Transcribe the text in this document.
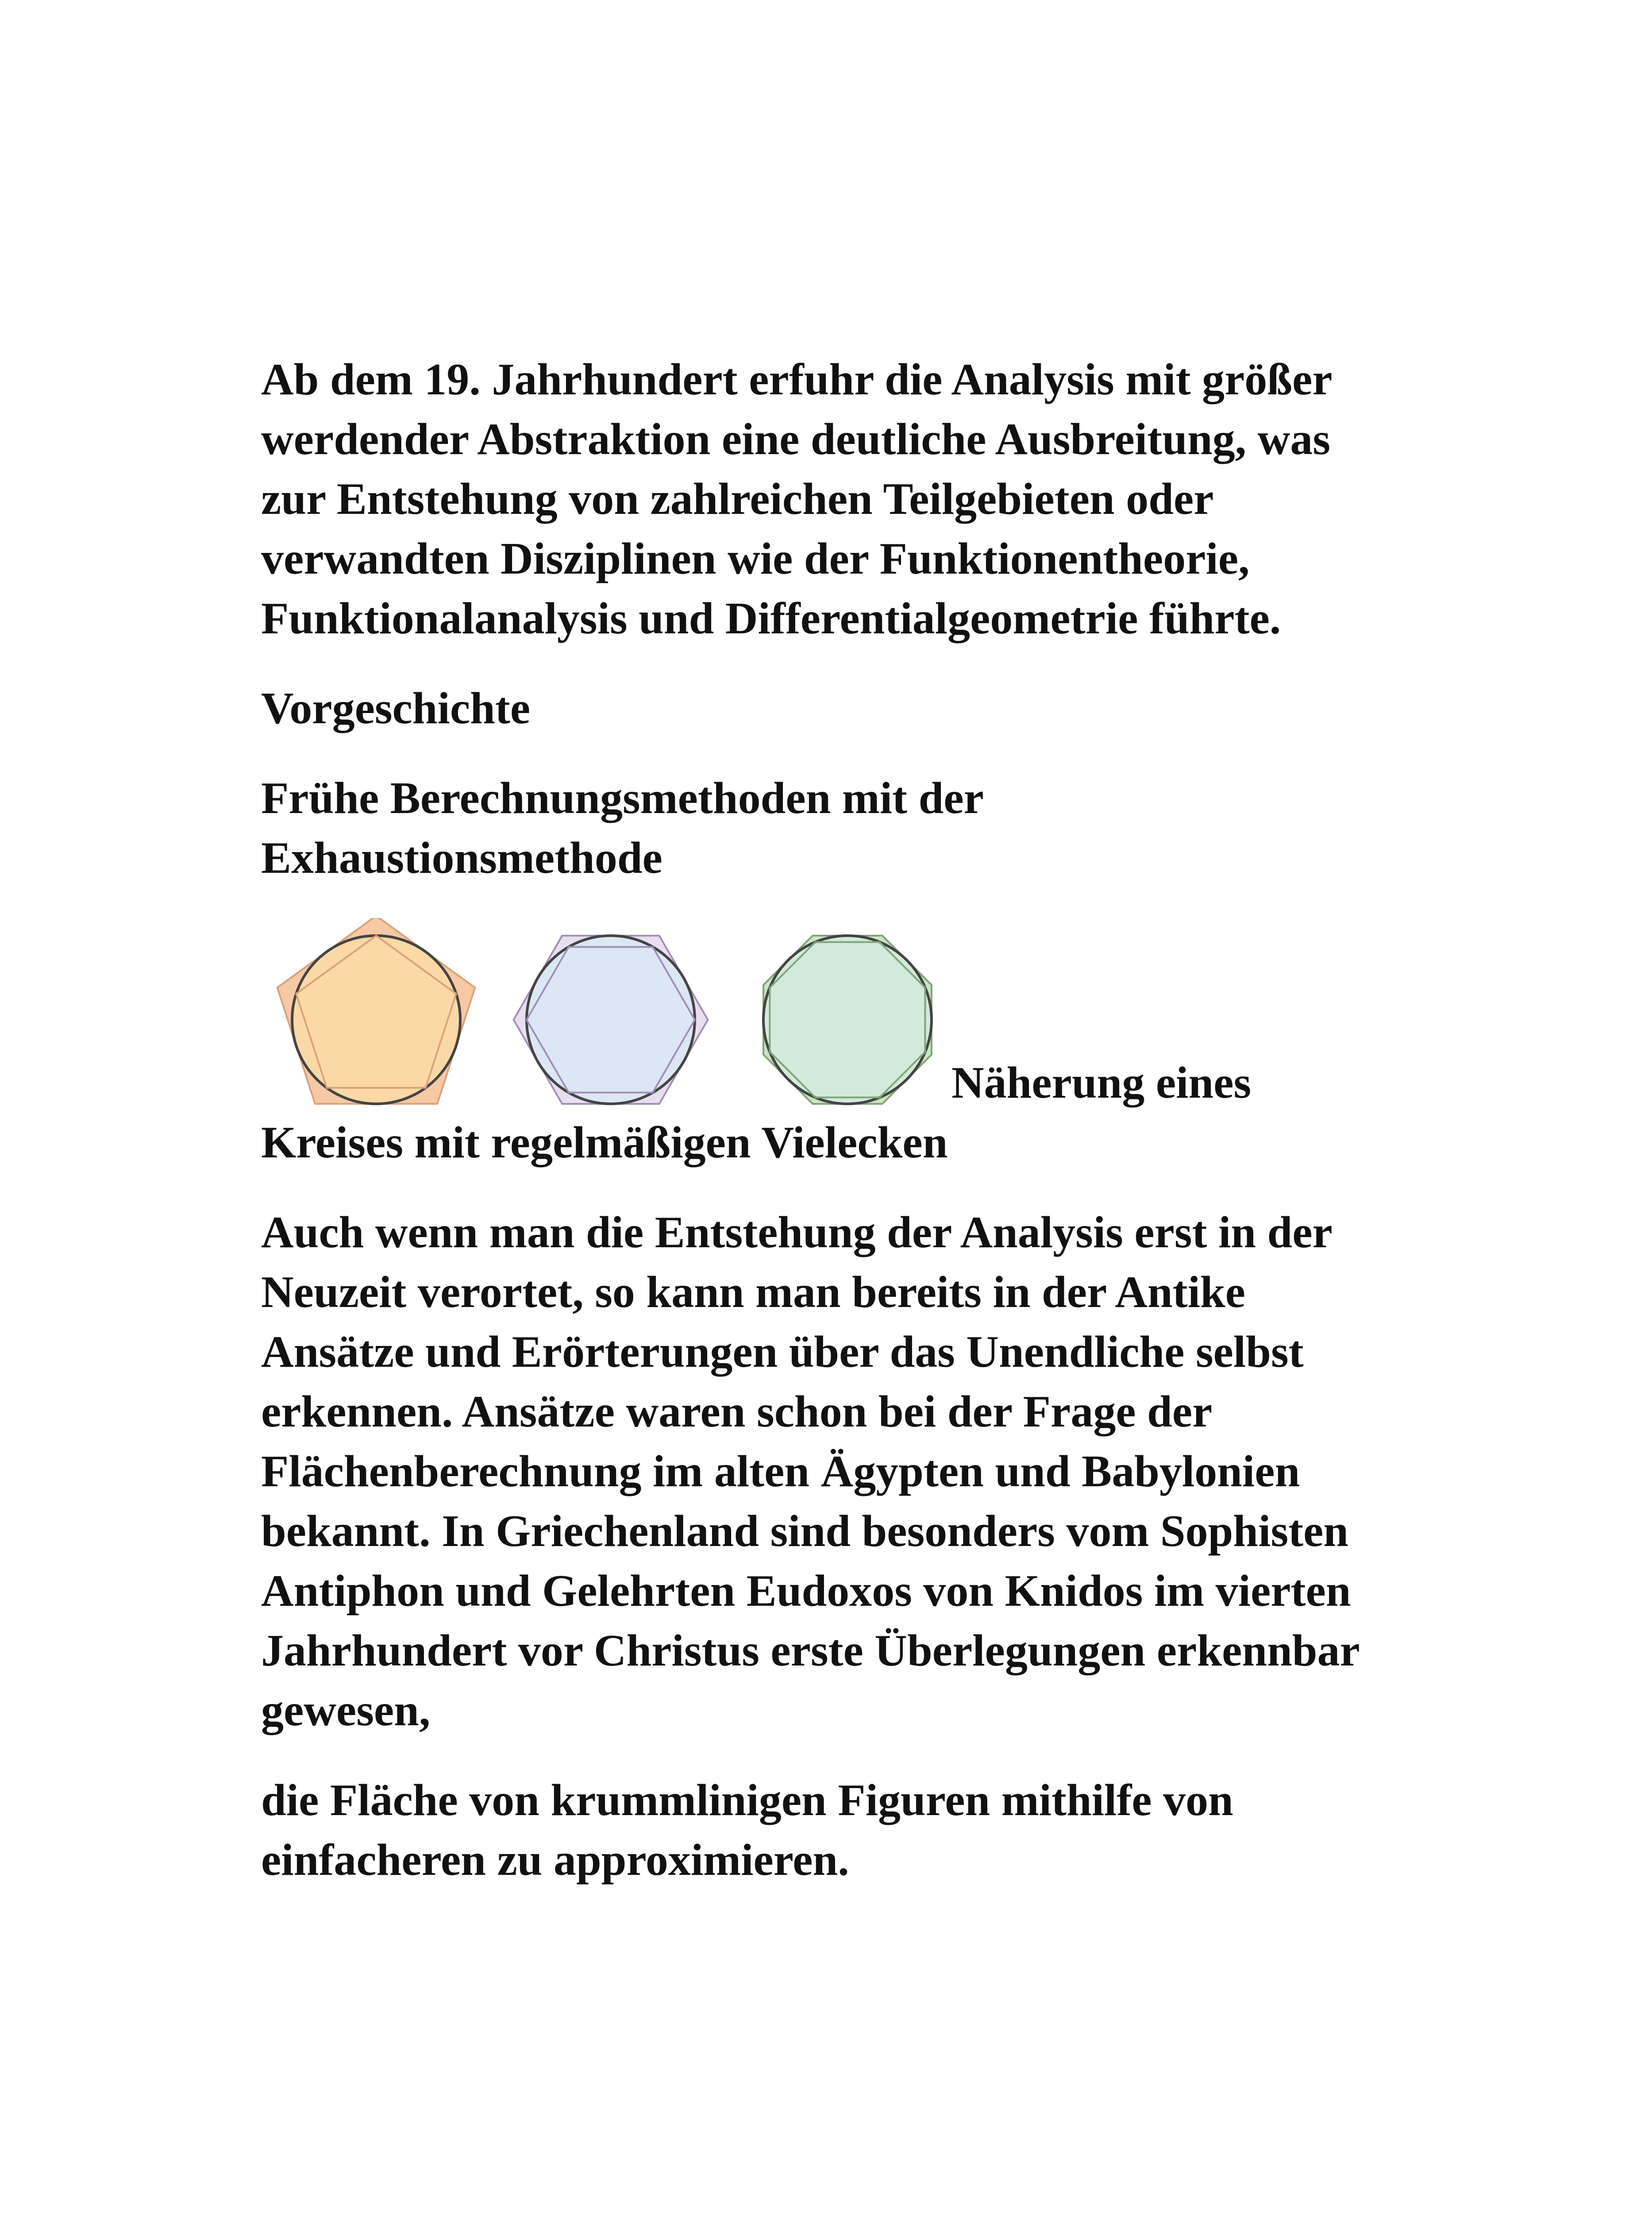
Ab dem 19. Jahrhundert erfuhr die Analysis mit größer werdender Abstraktion eine deutliche Ausbreitung, was zur Entstehung von zahlreichen Teilgebieten oder verwandten Disziplinen wie der Funktionentheorie, Funktionalanalysis und Differentialgeometrie führte.

Vorgeschichte

Frühe Berechnungsmethoden mit der Exhaustionsmethode

Näherung eines Kreises mit regelmäßigen Vielecken

Auch wenn man die Entstehung der Analysis erst in der Neuzeit verortet, so kann man bereits in der Antike Ansätze und Erörterungen über das Unendliche selbst erkennen. Ansätze waren schon bei der Frage der Flächenberechnung im alten Ägypten und Babylonien bekannt. In Griechenland sind besonders vom Sophisten Antiphon und Gelehrten Eudoxos von Knidos im vierten Jahrhundert vor Christus erste Überlegungen erkennbar gewesen,

die Fläche von krummlinigen Figuren mithilfe von einfacheren zu approximieren.
